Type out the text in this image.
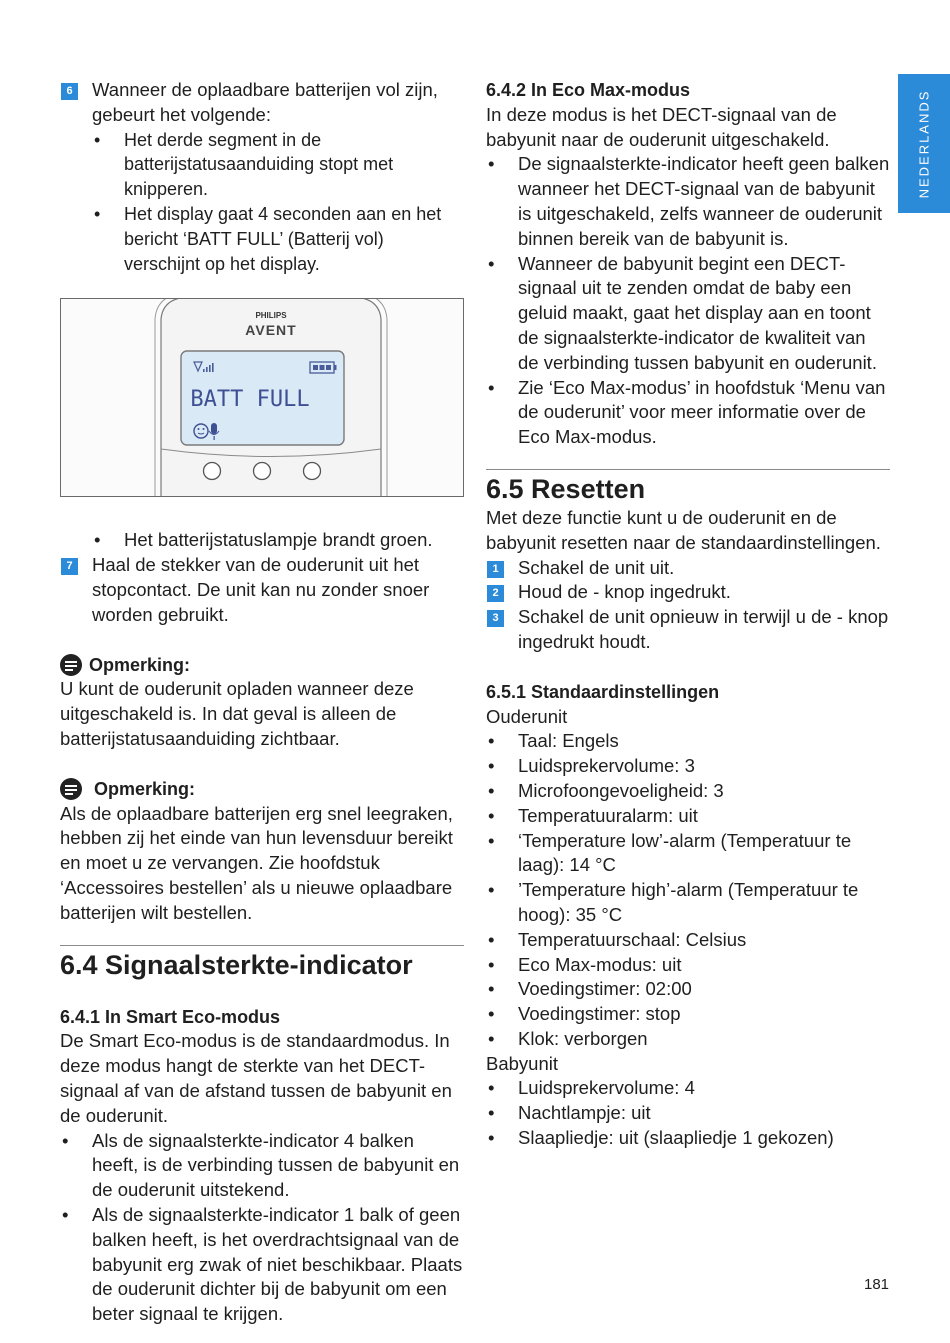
NEDERLANDS
6 Wanneer de oplaadbare batterijen vol zijn, gebeurt het volgende:
• Het derde segment in de batterijstatusaanduiding stopt met knipperen.
• Het display gaat 4 seconden aan en het bericht ‘BATT FULL’ (Batterij vol) verschijnt op het display.
PHILIPS
AVENT
BATT FULL
• Het batterijstatuslampje brandt groen.
7 Haal de stekker van de ouderunit uit het stopcontact. De unit kan nu zonder snoer worden gebruikt.
Opmerking:

U kunt de ouderunit opladen wanneer deze uitgeschakeld is. In dat geval is alleen de batterijstatusaanduiding zichtbaar.

Opmerking:

Als de oplaadbare batterijen erg snel leegraken, hebben zij het einde van hun levensduur bereikt en moet u ze vervangen. Zie hoofdstuk ‘Accessoires bestellen’ als u nieuwe oplaadbare batterijen wilt bestellen.

6.4 Signaalsterkte-indicator
6.4.1 In Smart Eco-modus

De Smart Eco-modus is de standaardmodus. In deze modus hangt de sterkte van het DECT-signaal af van de afstand tussen de babyunit en de ouderunit.

• Als de signaalsterkte-indicator 4 balken heeft, is de verbinding tussen de babyunit en de ouderunit uitstekend.
• Als de signaalsterkte-indicator 1 balk of geen balken heeft, is het overdrachtsignaal van de babyunit erg zwak of niet beschikbaar. Plaats de ouderunit dichter bij de babyunit om een beter signaal te krijgen.
6.4.2 In Eco Max-modus

In deze modus is het DECT-signaal van de babyunit naar de ouderunit uitgeschakeld.

• De signaalsterkte-indicator heeft geen balken wanneer het DECT-signaal van de babyunit is uitgeschakeld, zelfs wanneer de ouderunit binnen bereik van de babyunit is.
• Wanneer de babyunit begint een DECT-signaal uit te zenden omdat de baby een geluid maakt, gaat het display aan en toont de signaalsterkte-indicator de kwaliteit van de verbinding tussen babyunit en ouderunit.
• Zie ‘Eco Max-modus’ in hoofdstuk ‘Menu van de ouderunit’ voor meer informatie over de Eco Max-modus.
6.5 Resetten

Met deze functie kunt u de ouderunit en de babyunit resetten naar de standaardinstellingen.

1 Schakel de unit uit.
2 Houd de - knop ingedrukt.
3 Schakel de unit opnieuw in terwijl u de - knop ingedrukt houdt.
6.5.1 Standaardinstellingen

Ouderunit

• Taal: Engels
• Luidsprekervolume: 3
• Microfoongevoeligheid: 3
• Temperatuuralarm: uit
• ‘Temperature low’-alarm (Temperatuur te laag): 14 °C
• ’Temperature high’-alarm (Temperatuur te hoog): 35 °C
• Temperatuurschaal: Celsius
• Eco Max-modus: uit
• Voedingstimer: 02:00
• Voedingstimer: stop
• Klok: verborgen

Babyunit

• Luidsprekervolume: 4
• Nachtlampje: uit
• Slaapliedje: uit (slaapliedje 1 gekozen)
181
